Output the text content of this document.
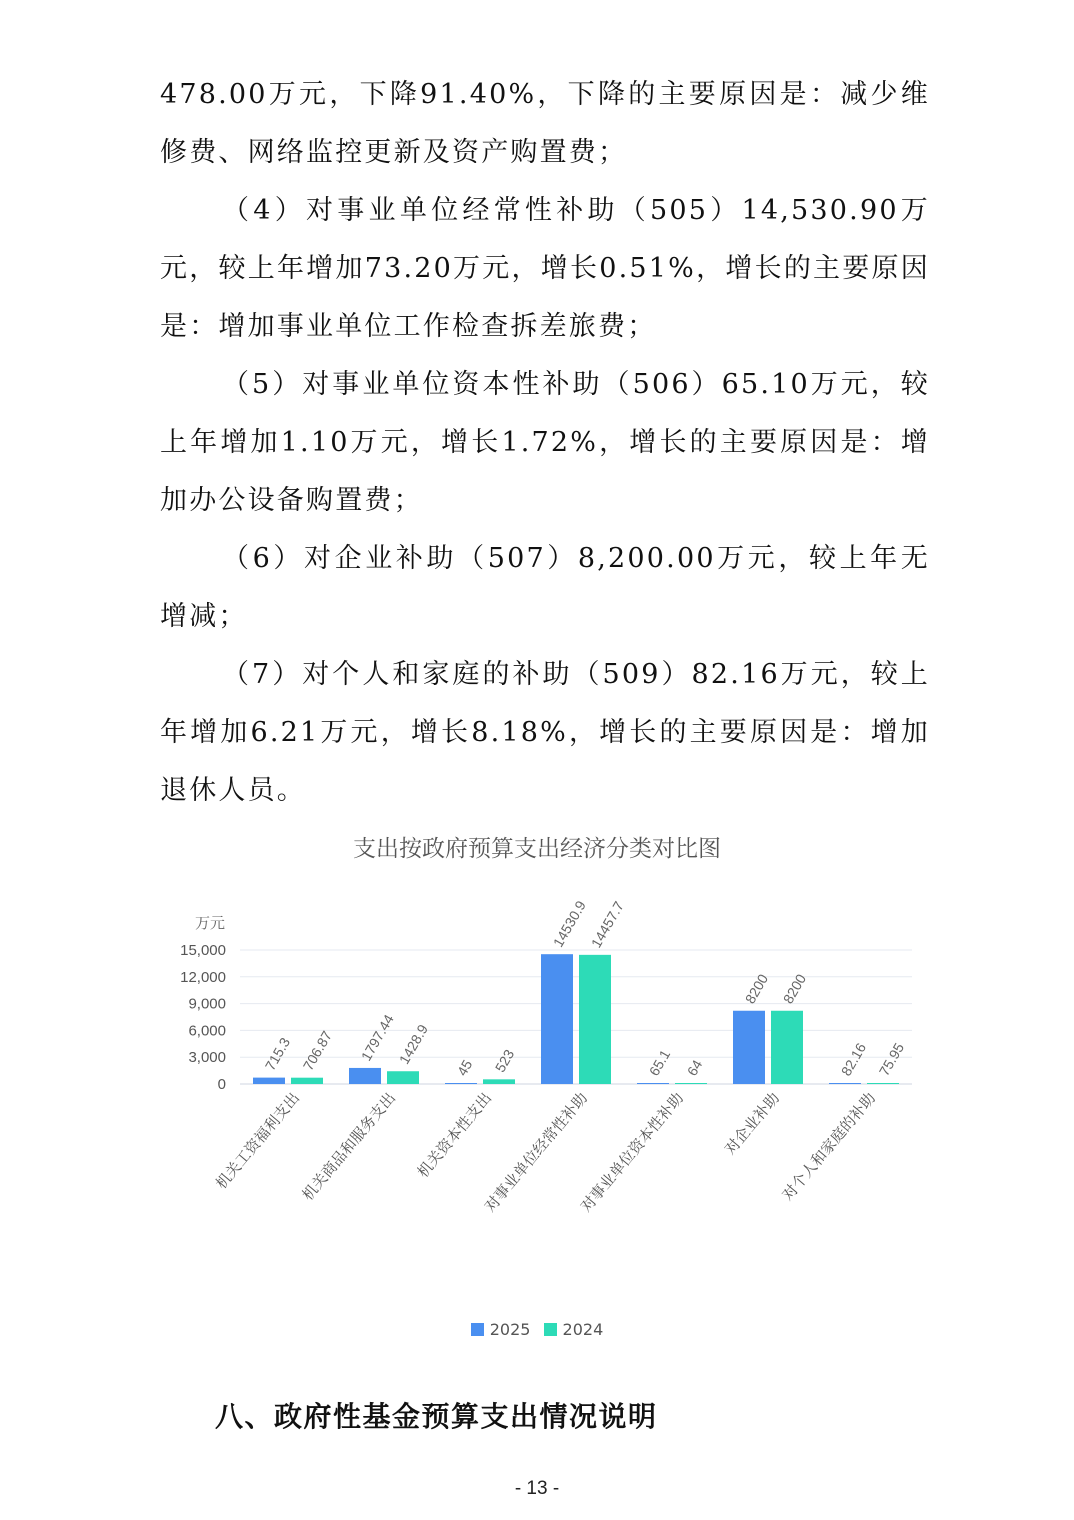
478.00万元，下降91.40%，下降的主要原因是：减少维修费、网络监控更新及资产购置费；

（4）对事业单位经常性补助（505）14,530.90万元，较上年增加73.20万元，增长0.51%，增长的主要原因是：增加事业单位工作检查拆差旅费；

（5）对事业单位资本性补助（506）65.10万元，较上年增加1.10万元，增长1.72%，增长的主要原因是：增加办公设备购置费；

（6）对企业补助（507）8,200.00万元，较上年无增减；

（7）对个人和家庭的补助（509）82.16万元，较上年增加6.21万元，增长8.18%，增长的主要原因是：增加退休人员。

支出按政府预算支出经济分类对比图
万元
0
3,000
6,000
9,000
12,000
15,000
715.3 706.87
机关工资福利支出
1797.44
1428.9
机关商品和服务支出
45 523
机关资本性支出
14530.9
14457.7
对事业单位经常性补助
65.1 64
对事业单位资本性补助
8200 8200
对企业补助
82.16 75.95
对个人和家庭的补助
2025 2024
八、政府性基金预算支出情况说明
- 13 -
